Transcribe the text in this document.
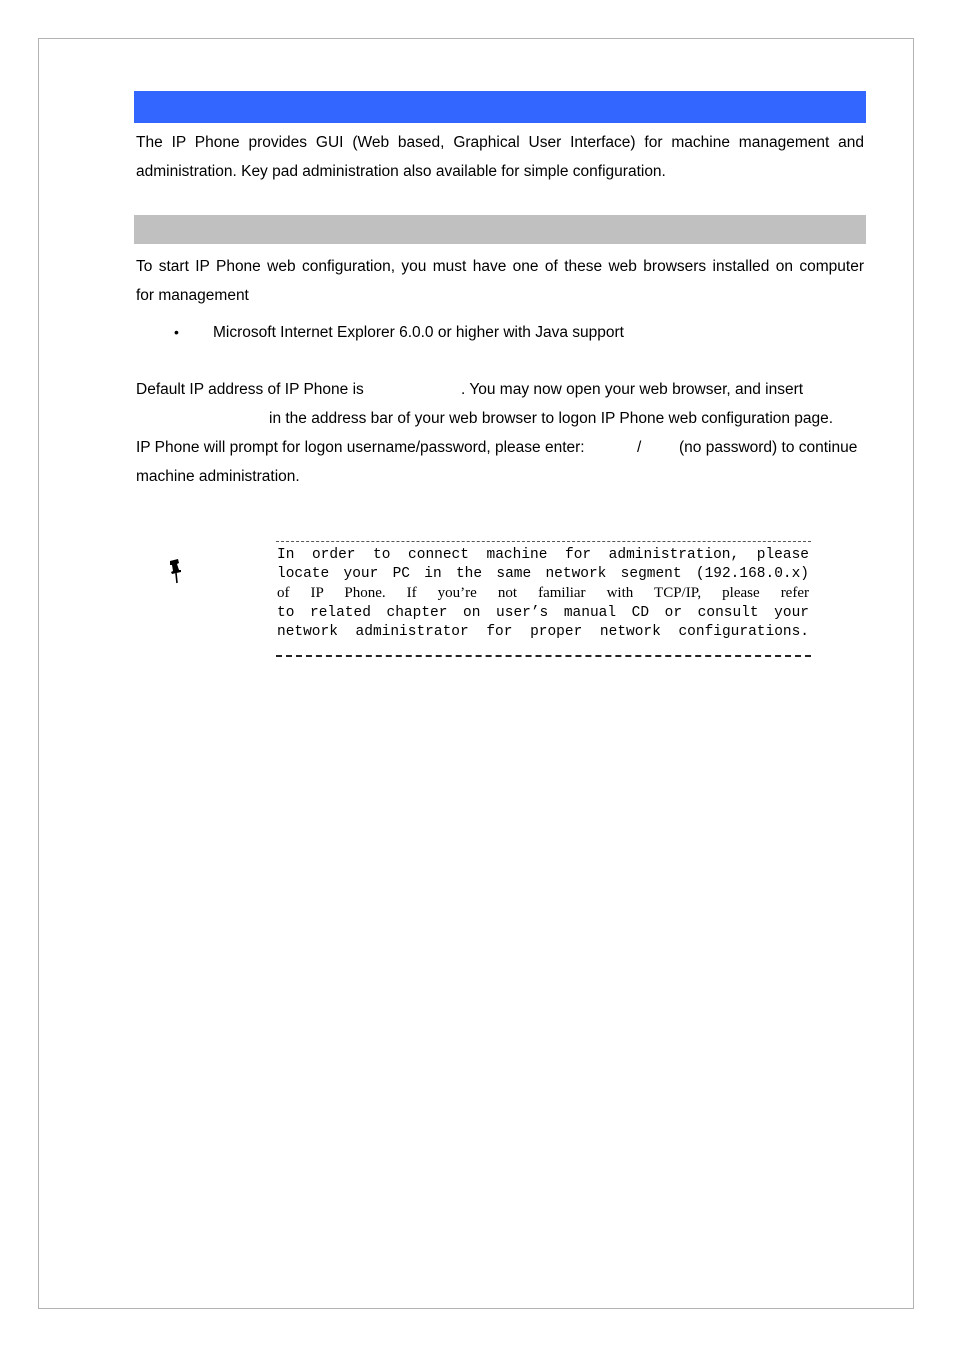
The IP Phone provides GUI (Web based, Graphical User Interface) for machine management and

administration. Key pad administration also available for simple configuration.

To start IP Phone web configuration, you must have one of these web browsers installed on computer

for management

• Microsoft Internet Explorer 6.0.0 or higher with Java support
Default IP address of IP Phone is	. You may now open your web browser, and insert
in the address bar of your web browser to logon IP Phone web configuration page.
IP Phone will prompt for logon username/password, please enter:	/ (no password) to continue
machine administration.
In order to connect machine for administration, please
locate your PC in the same network segment (192.168.0.x)
of IP Phone. If you’re not familiar with TCP/IP, please refer
to related chapter on user’s manual CD or consult your
network administrator for proper network configurations.
